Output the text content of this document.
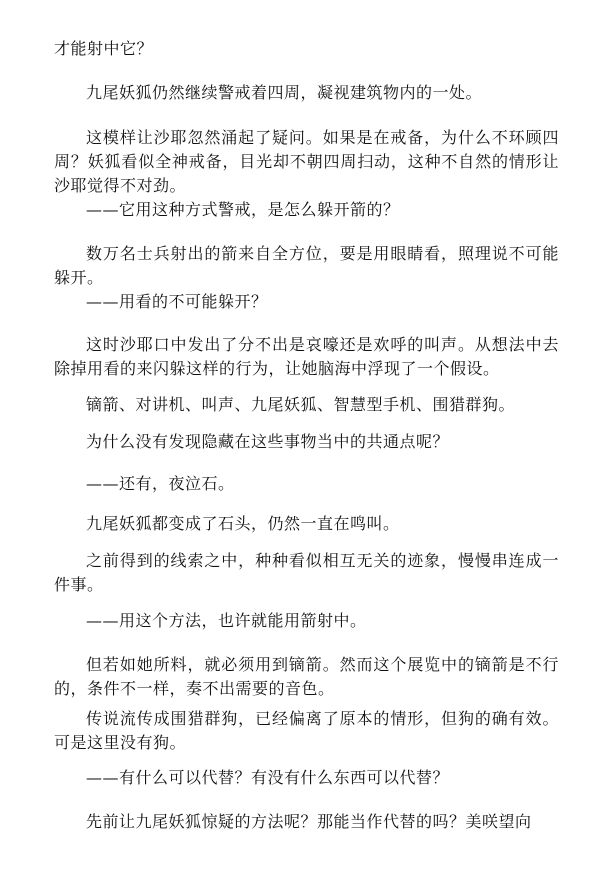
才能射中它？

九尾妖狐仍然继续警戒着四周，凝视建筑物内的一处。

这模样让沙耶忽然涌起了疑问。如果是在戒备，为什么不环顾四周？妖狐看似全神戒备，目光却不朝四周扫动，这种不自然的情形让沙耶觉得不对劲。

——它用这种方式警戒，是怎么躲开箭的？

数万名士兵射出的箭来自全方位，要是用眼睛看，照理说不可能躲开。

——用看的不可能躲开？

这时沙耶口中发出了分不出是哀嚎还是欢呼的叫声。从想法中去除掉用看的来闪躲这样的行为，让她脑海中浮现了一个假设。

镝箭、对讲机、叫声、九尾妖狐、智慧型手机、围猎群狗。

为什么没有发现隐藏在这些事物当中的共通点呢？

——还有，夜泣石。

九尾妖狐都变成了石头，仍然一直在鸣叫。

之前得到的线索之中，种种看似相互无关的迹象，慢慢串连成一件事。

——用这个方法，也许就能用箭射中。

但若如她所料，就必须用到镝箭。然而这个展览中的镝箭是不行的，条件不一样，奏不出需要的音色。

传说流传成围猎群狗，已经偏离了原本的情形，但狗的确有效。可是这里没有狗。

——有什么可以代替？有没有什么东西可以代替？

先前让九尾妖狐惊疑的方法呢？那能当作代替的吗？美咲望向
